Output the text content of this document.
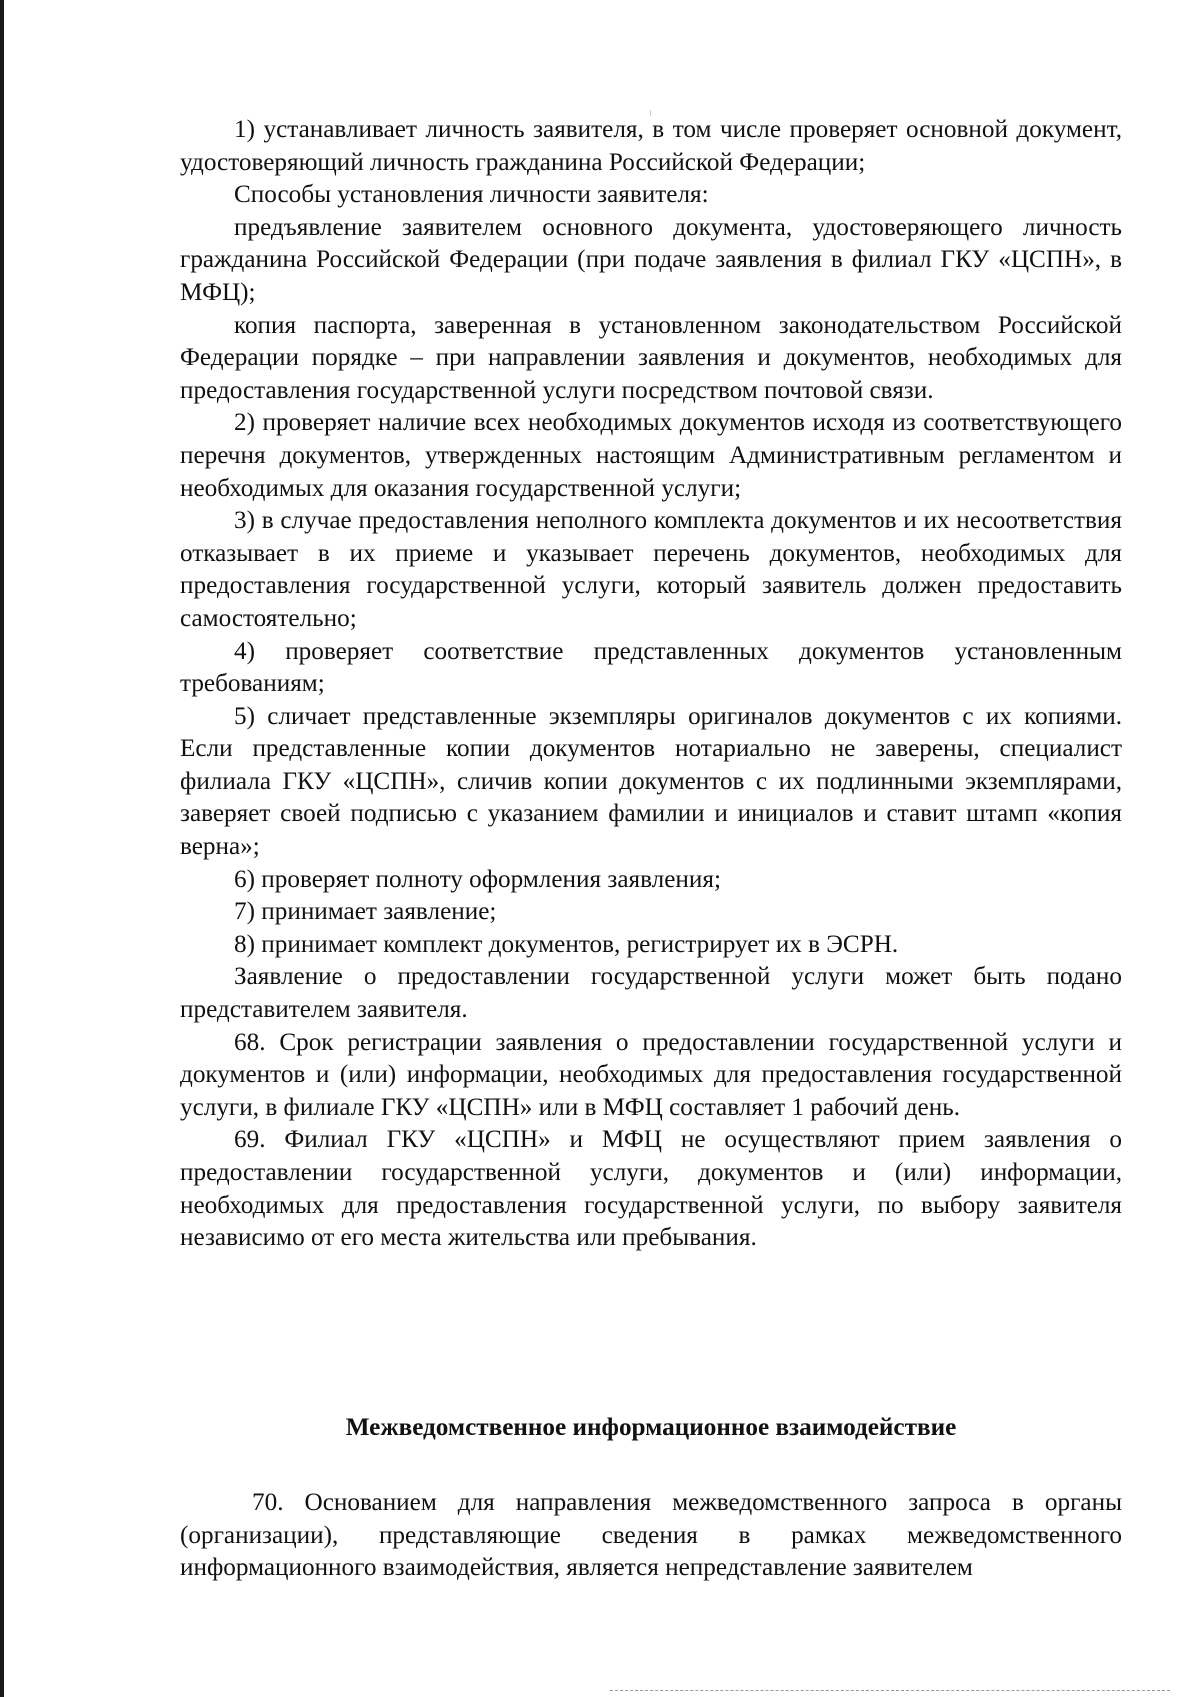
1) устанавливает личность заявителя, в том числе проверяет основной документ, удостоверяющий личность гражданина Российской Федерации;

Способы установления личности заявителя:

предъявление заявителем основного документа, удостоверяющего личность гражданина Российской Федерации (при подаче заявления в филиал ГКУ «ЦСПН», в МФЦ);

копия паспорта, заверенная в установленном законодательством Российской Федерации порядке – при направлении заявления и документов, необходимых для предоставления государственной услуги посредством почтовой связи.

2) проверяет наличие всех необходимых документов исходя из соответствующего перечня документов, утвержденных настоящим Административным регламентом и необходимых для оказания государственной услуги;

3) в случае предоставления неполного комплекта документов и их несоответствия отказывает в их приеме и указывает перечень документов, необходимых для предоставления государственной услуги, который заявитель должен предоставить самостоятельно;

4) проверяет соответствие представленных документов установленным требованиям;

5) сличает представленные экземпляры оригиналов документов с их копиями. Если представленные копии документов нотариально не заверены, специалист филиала ГКУ «ЦСПН», сличив копии документов с их подлинными экземплярами, заверяет своей подписью с указанием фамилии и инициалов и ставит штамп «копия верна»;

6) проверяет полноту оформления заявления;

7) принимает заявление;

8) принимает комплект документов, регистрирует их в ЭСРН.

Заявление о предоставлении государственной услуги может быть подано представителем заявителя.

68. Срок регистрации заявления о предоставлении государственной услуги и документов и (или) информации, необходимых для предоставления государственной услуги, в филиале ГКУ «ЦСПН» или в МФЦ составляет 1 рабочий день.

69. Филиал ГКУ «ЦСПН» и МФЦ не осуществляют прием заявления о предоставлении государственной услуги, документов и (или) информации, необходимых для предоставления государственной услуги, по выбору заявителя независимо от его места жительства или пребывания.

Межведомственное информационное взаимодействие

70. Основанием для направления межведомственного запроса в органы (организации), представляющие сведения в рамках межведомственного информационного взаимодействия, является непредставление заявителем
